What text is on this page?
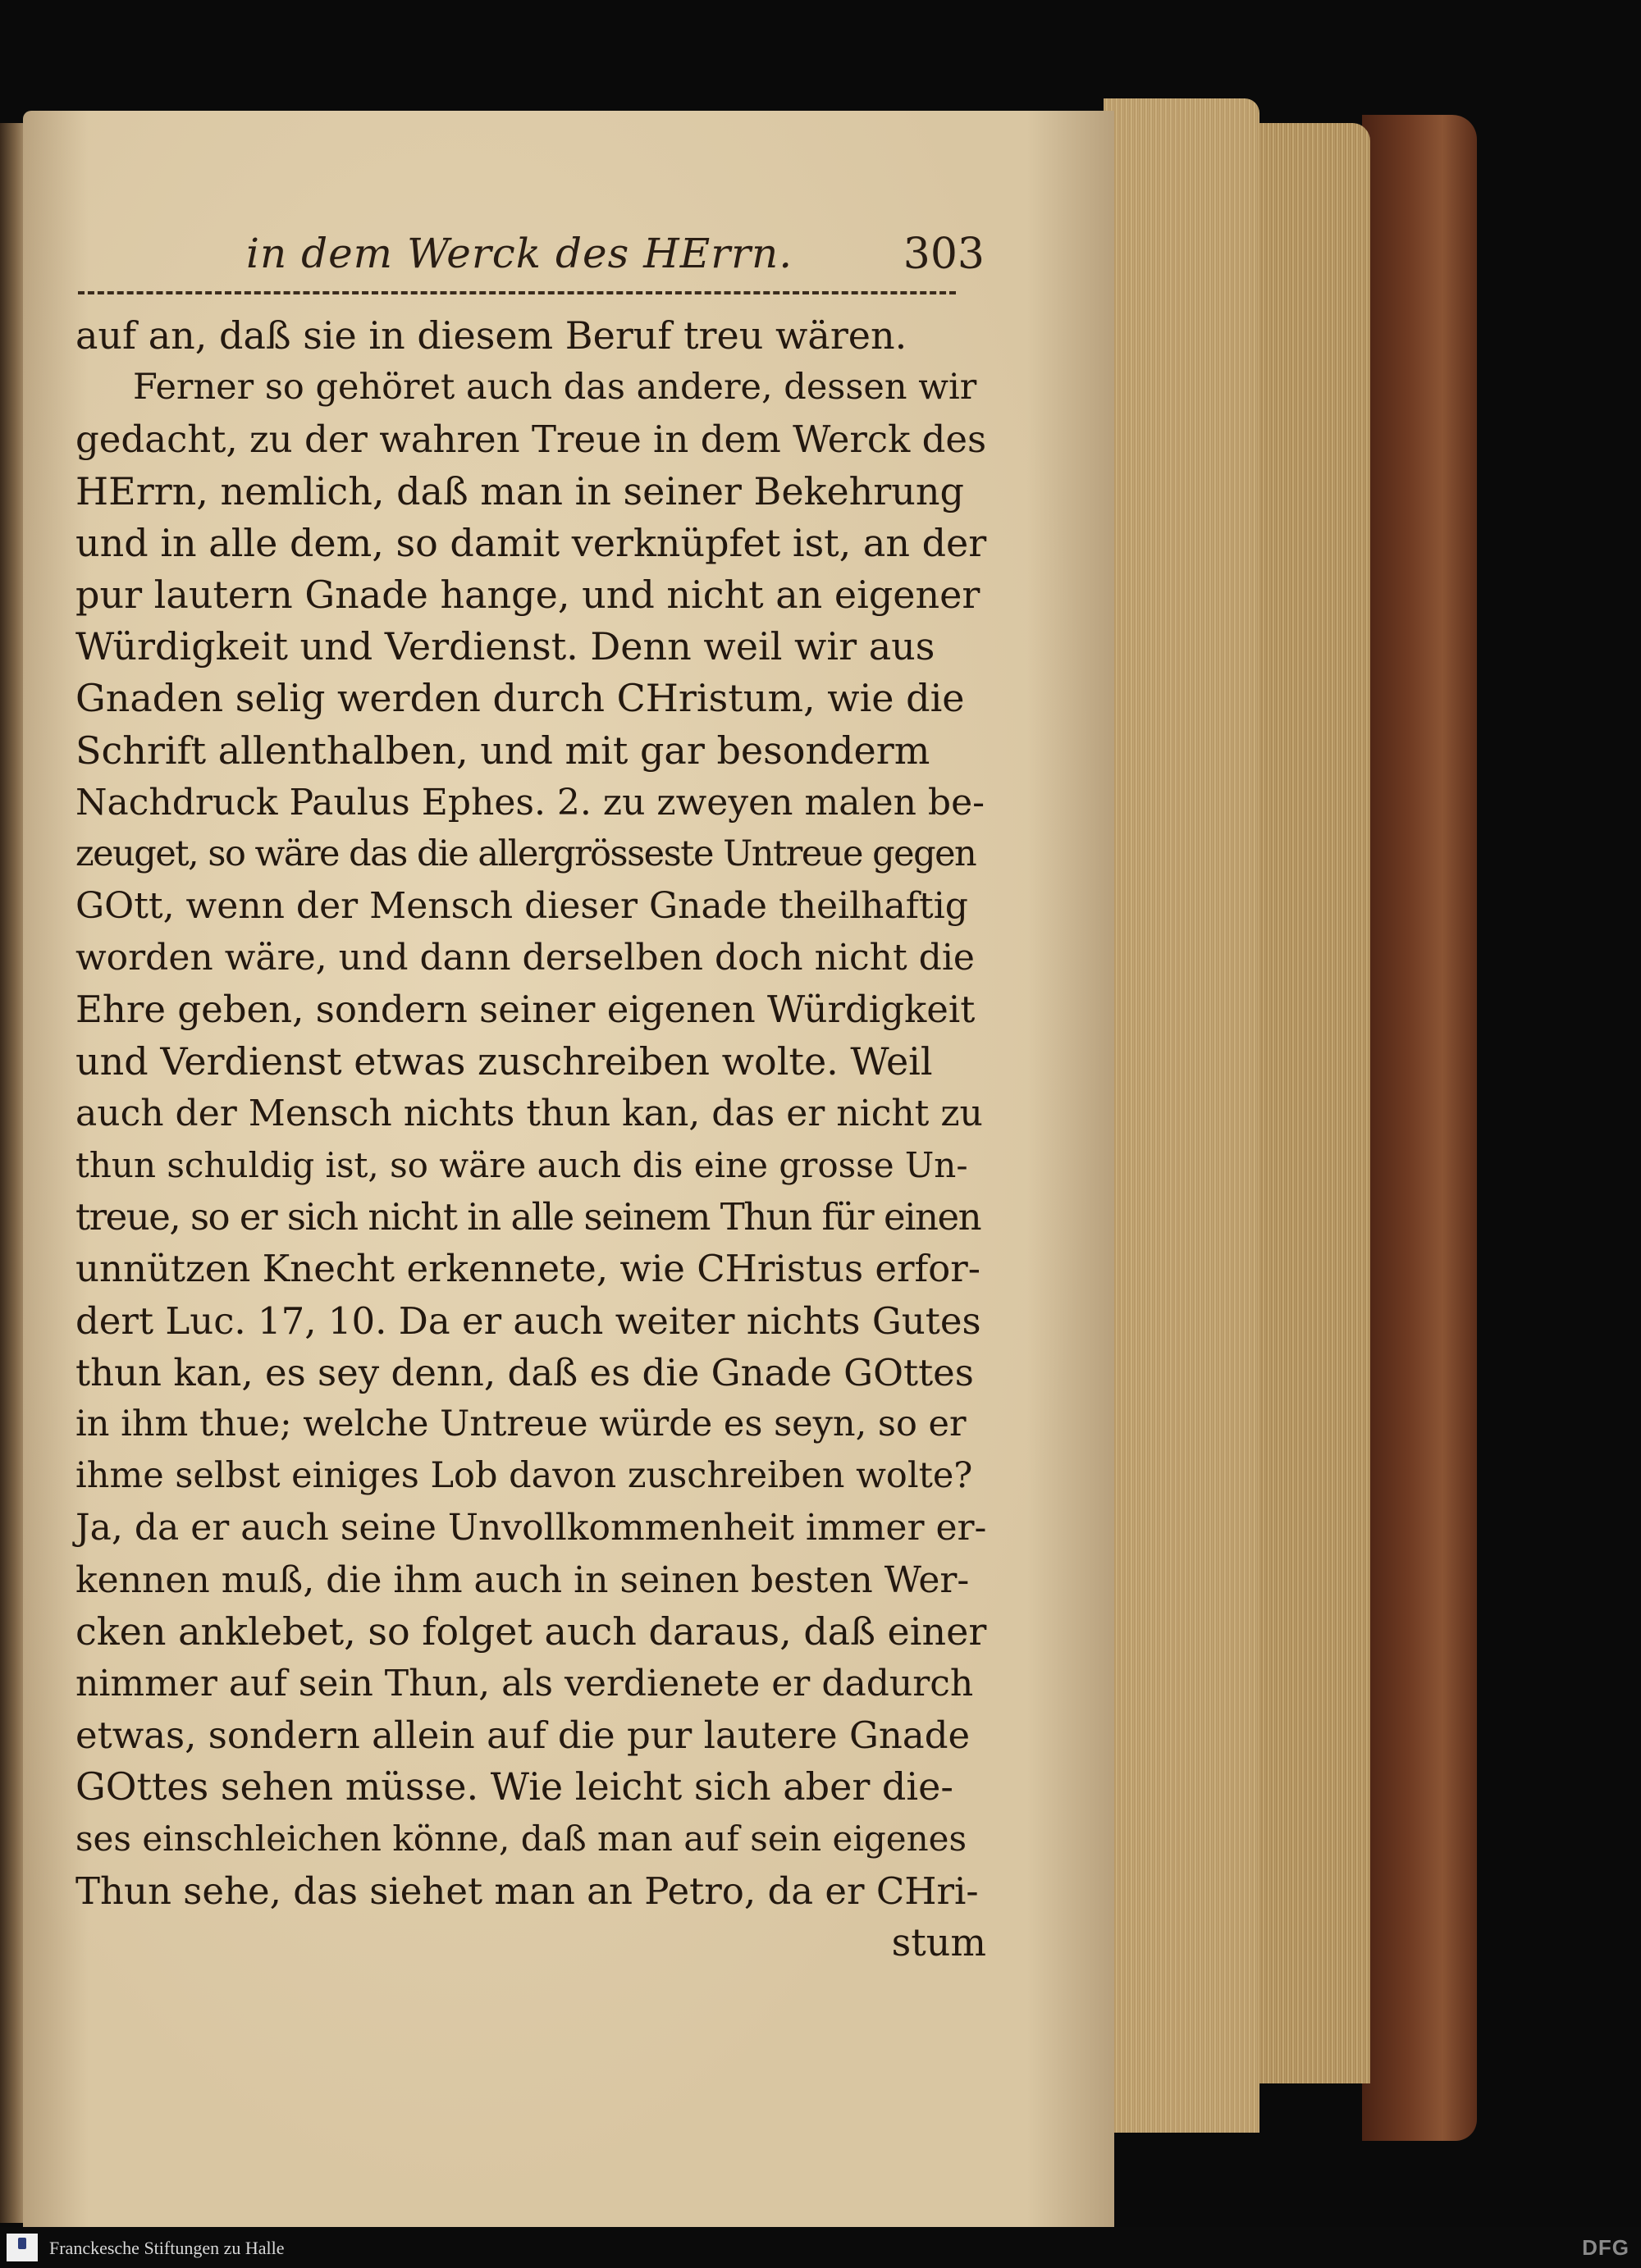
in dem Werck des HErrn.	303
auf an, daß sie in diesem Beruf treu wären.
Ferner so gehöret auch das andere, dessen wir
gedacht, zu der wahren Treue in dem Werck des
HErrn, nemlich, daß man in seiner Bekehrung
und in alle dem, so damit verknüpfet ist, an der
pur lautern Gnade hange, und nicht an eigener
Würdigkeit und Verdienst. Denn weil wir aus
Gnaden selig werden durch CHristum, wie die
Schrift allenthalben, und mit gar besonderm
Nachdruck Paulus Ephes. 2. zu zweyen malen be-
zeuget, so wäre das die allergrösseste Untreue gegen
GOtt, wenn der Mensch dieser Gnade theilhaftig
worden wäre, und dann derselben doch nicht die
Ehre geben, sondern seiner eigenen Würdigkeit
und Verdienst etwas zuschreiben wolte. Weil
auch der Mensch nichts thun kan, das er nicht zu
thun schuldig ist, so wäre auch dis eine grosse Un-
treue, so er sich nicht in alle seinem Thun für einen
unnützen Knecht erkennete, wie CHristus erfor-
dert Luc. 17, 10. Da er auch weiter nichts Gutes
thun kan, es sey denn, daß es die Gnade GOttes
in ihm thue; welche Untreue würde es seyn, so er
ihme selbst einiges Lob davon zuschreiben wolte?
Ja, da er auch seine Unvollkommenheit immer er-
kennen muß, die ihm auch in seinen besten Wer-
cken anklebet, so folget auch daraus, daß einer
nimmer auf sein Thun, als verdienete er dadurch
etwas, sondern allein auf die pur lautere Gnade
GOttes sehen müsse. Wie leicht sich aber die-
ses einschleichen könne, daß man auf sein eigenes
Thun sehe, das siehet man an Petro, da er CHri-
stum
Franckesche Stiftungen zu Halle	DFG
